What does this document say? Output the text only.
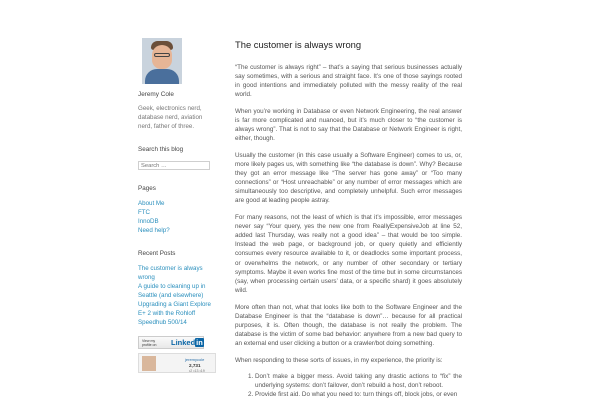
Jeremy Cole
Geek, electronics nerd, database nerd, aviation nerd, father of three.
Search this blog
Search …
Pages
About Me
FTC
InnoDB
Need help?
Recent Posts
The customer is always wrong
A guide to cleaning up in Seattle (and elsewhere)
Upgrading a Giant Explore E+ 2 with the Rohloff Speedhub 500/14
View my
profile on Linkedin
jeremycole
2,731
•2 •13 •19
The customer is always wrong

“The customer is always right” – that’s a saying that serious businesses actually say sometimes, with a serious and straight face. It’s one of those sayings rooted in good intentions and immediately polluted with the messy reality of the real world.

When you’re working in Database or even Network Engineering, the real answer is far more complicated and nuanced, but it’s much closer to “the customer is always wrong”. That is not to say that the Database or Network Engineer is right, either, though.

Usually the customer (in this case usually a Software Engineer) comes to us, or, more likely pages us, with something like “the database is down”. Why? Because they got an error message like “The server has gone away” or “Too many connections” or “Host unreachable” or any number of error messages which are simultaneously too descriptive, and completely unhelpful. Such error messages are good at leading people astray.

For many reasons, not the least of which is that it’s impossible, error messages never say “Your query, yes the new one from ReallyExpensiveJob at line 52, added last Thursday, was really not a good idea” – that would be too simple. Instead the web page, or background job, or query quietly and efficiently consumes every resource available to it, or deadlocks some important process, or overwhelms the network, or any number of other secondary or tertiary symptoms. Maybe it even works fine most of the time but in some circumstances (say, when processing certain users’ data, or a specific shard) it goes absolutely wild.

More often than not, what that looks like both to the Software Engineer and the Database Engineer is that the “database is down”… because for all practical purposes, it is. Often though, the database is not really the problem. The database is the victim of some bad behavior: anywhere from a new bad query to an external end user clicking a button or a crawler/bot doing something.

When responding to these sorts of issues, in my experience, the priority is:

1. Don’t make a bigger mess. Avoid taking any drastic actions to “fix” the underlying systems: don’t failover, don’t rebuild a host, don’t reboot.
2. Provide first aid. Do what you need to: turn things off, block jobs, or even
